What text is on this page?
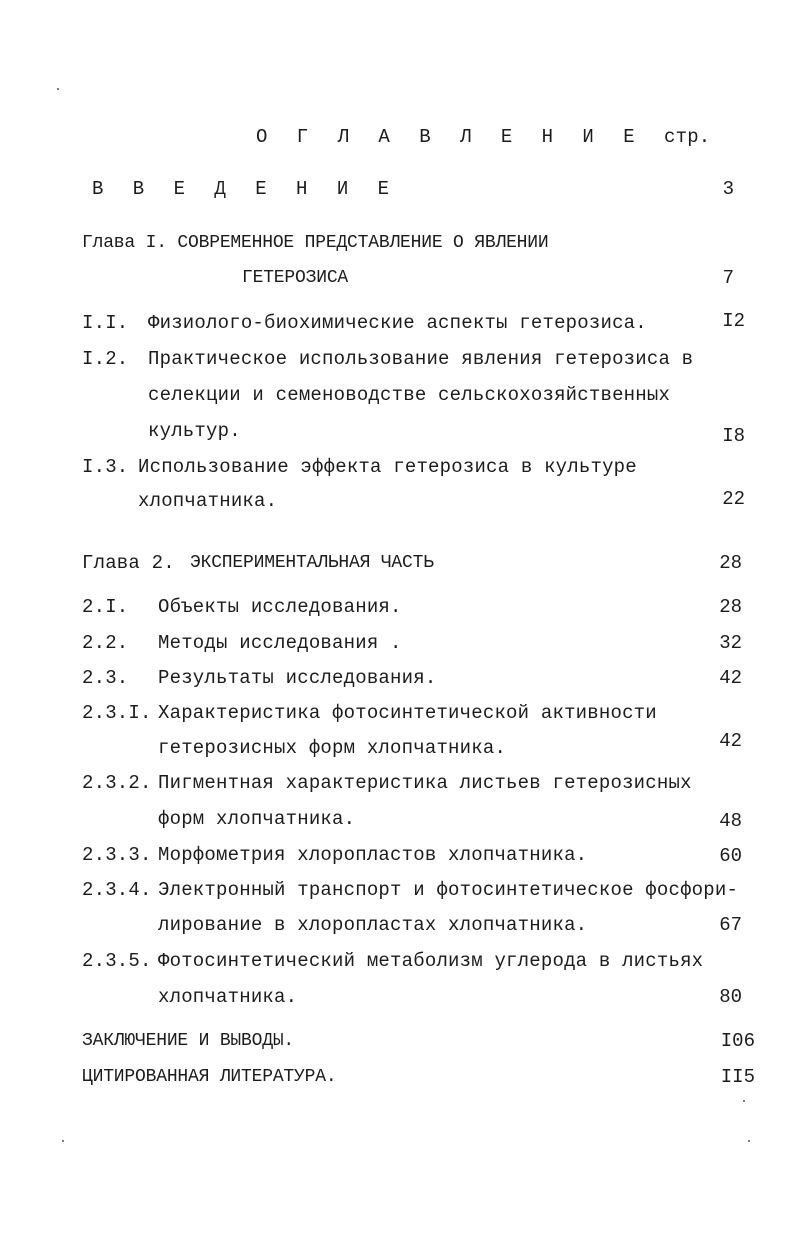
О Г Л А В Л Е Н И Е стр.
В В Е Д Е Н И Е	3
Глава I. СОВРЕМЕННОЕ ПРЕДСТАВЛЕНИЕ О ЯВЛЕНИИ
ГЕТЕРОЗИСА	7
I.I. Физиолого-биохимические аспекты гетерозиса.	I2
I.2. Практическое использование явления гетерозиса в
селекции и семеноводстве сельскохозяйственных
культур.	I8
I.3. Использование эффекта гетерозиса в культуре
хлопчатника.	22
Глава 2. ЭКСПЕРИМЕНТАЛЬНАЯ ЧАСТЬ	28
2.I. Объекты исследования.	28
2.2. Методы исследования .	32
2.3. Результаты исследования.	42
2.3.I. Характеристика фотосинтетической активности
гетерозисных форм хлопчатника.	42
2.3.2. Пигментная характеристика листьев гетерозисных
форм хлопчатника.	48
2.3.3. Морфометрия хлоропластов хлопчатника.	60
2.3.4. Электронный транспорт и фотосинтетическое фосфори-
лирование в хлоропластах хлопчатника.	67
2.3.5. Фотосинтетический метаболизм углерода в листьях
хлопчатника.	80
ЗАКЛЮЧЕНИЕ И ВЫВОДЫ.	I06
ЦИТИРОВАННАЯ ЛИТЕРАТУРА.	II5
